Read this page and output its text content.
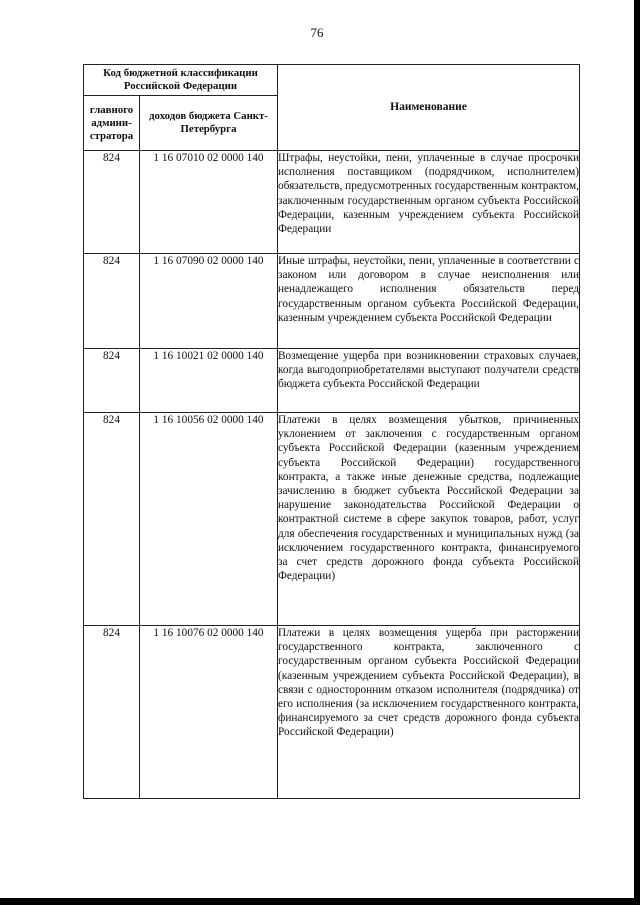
76
Код бюджетной классификации Российской Федерации		Наименование
главного админи-стратора	доходов бюджета Санкт-Петербурга	
824	1 16 07010 02 0000 140	Штрафы, неустойки, пени, уплаченные в случае просрочки исполнения поставщиком (подрядчиком, исполнителем) обязательств, предусмотренных государственным контрактом, заключенным государственным органом субъекта Российской Федерации, казенным учреждением субъекта Российской Федерации
824	1 16 07090 02 0000 140	Иные штрафы, неустойки, пени, уплаченные в соответствии с законом или договором в случае неисполнения или ненадлежащего исполнения обязательств перед государственным органом субъекта Российской Федерации, казенным учреждением субъекта Российской Федерации
824	1 16 10021 02 0000 140	Возмещение ущерба при возникновении страховых случаев, когда выгодоприобретателями выступают получатели средств бюджета субъекта Российской Федерации
824	1 16 10056 02 0000 140	Платежи в целях возмещения убытков, причиненных уклонением от заключения с государственным органом субъекта Российской Федерации (казенным учреждением субъекта Российской Федерации) государственного контракта, а также иные денежные средства, подлежащие зачислению в бюджет субъекта Российской Федерации за нарушение законодательства Российской Федерации о контрактной системе в сфере закупок товаров, работ, услуг для обеспечения государственных и муниципальных нужд (за исключением государственного контракта, финансируемого за счет средств дорожного фонда субъекта Российской Федерации)
824	1 16 10076 02 0000 140	Платежи в целях возмещения ущерба при расторжении государственного контракта, заключенного с государственным органом субъекта Российской Федерации (казенным учреждением субъекта Российской Федерации), в связи с односторонним отказом исполнителя (подрядчика) от его исполнения (за исключением государственного контракта, финансируемого за счет средств дорожного фонда субъекта Российской Федерации)
